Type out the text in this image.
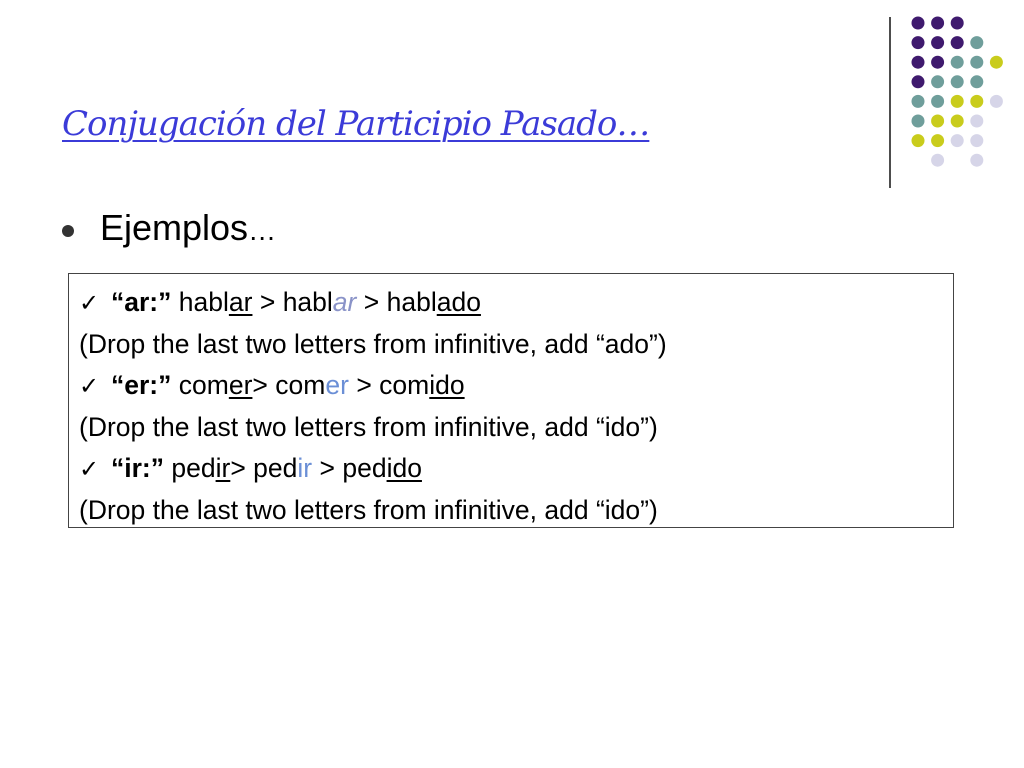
Conjugación del Participio Pasado…
Ejemplos…
✓ “ar:” hablar > hablar > hablado
(Drop the last two letters from infinitive, add “ado”)
✓ “er:” comer> comer > comido
(Drop the last two letters from infinitive, add “ido”)
✓ “ir:” pedir> pedir > pedido
(Drop the last two letters from infinitive, add “ido”)
